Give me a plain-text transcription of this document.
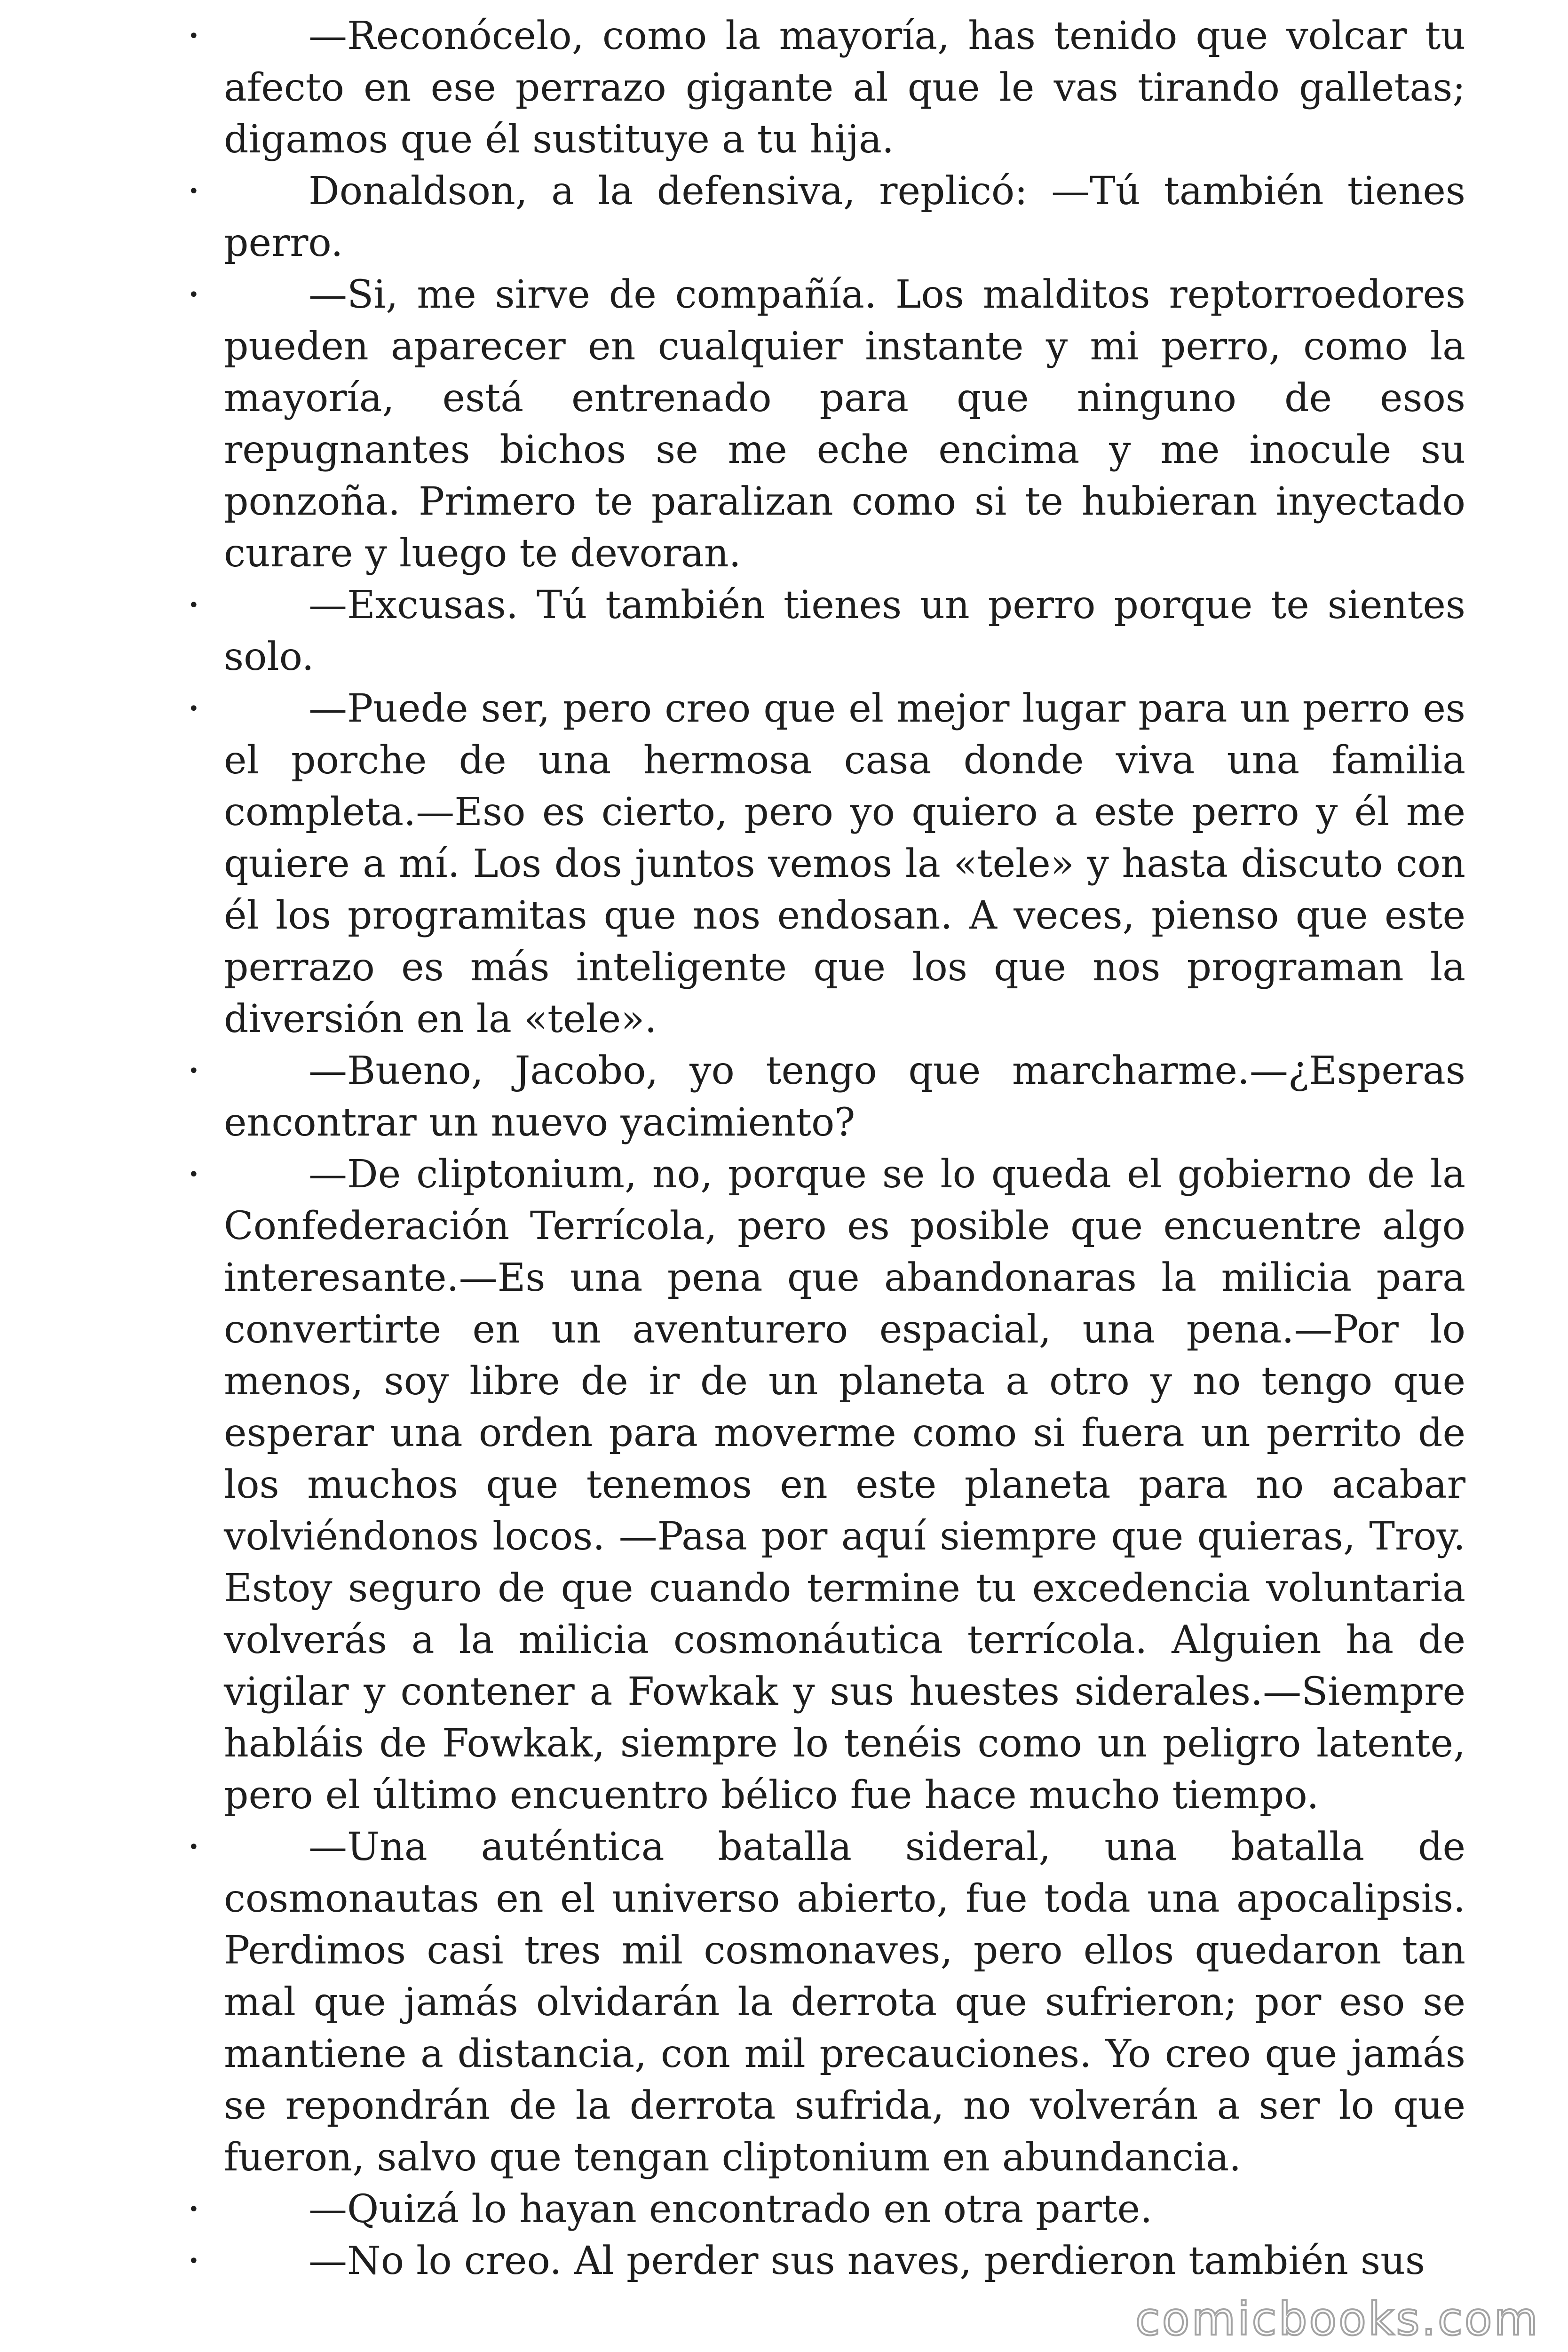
•	—Reconócelo, como la mayoría, has tenido que volcar tu afecto en ese perrazo gigante al que le vas tirando galletas; digamos que él sustituye a tu hija.
•	Donaldson, a la defensiva, replicó: —Tú también tienes perro.
•	—Si, me sirve de compañía. Los malditos reptorroedores pueden aparecer en cualquier instante y mi perro, como la mayoría, está entrenado para que ninguno de esos repugnantes bichos se me eche encima y me inocule su ponzoña. Primero te paralizan como si te hubieran inyectado curare y luego te devoran.
•	—Excusas. Tú también tienes un perro porque te sientes solo.
•	—Puede ser, pero creo que el mejor lugar para un perro es el porche de una hermosa casa donde viva una familia completa.—Eso es cierto, pero yo quiero a este perro y él me quiere a mí. Los dos juntos vemos la «tele» y hasta discuto con él los programitas que nos endosan. A veces, pienso que este perrazo es más inteligente que los que nos programan la diversión en la «tele».
•	—Bueno, Jacobo, yo tengo que marcharme.—¿Esperas encontrar un nuevo yacimiento?
•	—De cliptonium, no, porque se lo queda el gobierno de la Confederación Terrícola, pero es posible que encuentre algo interesante.—Es una pena que abandonaras la milicia para convertirte en un aventurero espacial, una pena.—Por lo menos, soy libre de ir de un planeta a otro y no tengo que esperar una orden para moverme como si fuera un perrito de los muchos que tenemos en este planeta para no acabar volviéndonos locos. —Pasa por aquí siempre que quieras, Troy. Estoy seguro de que cuando termine tu excedencia voluntaria volverás a la milicia cosmonáutica terrícola. Alguien ha de vigilar y contener a Fowkak y sus huestes siderales.—Siempre habláis de Fowkak, siempre lo tenéis como un peligro latente, pero el último encuentro bélico fue hace mucho tiempo.
•	—Una auténtica batalla sideral, una batalla de cosmonautas en el universo abierto, fue toda una apocalipsis. Perdimos casi tres mil cosmonaves, pero ellos quedaron tan mal que jamás olvidarán la derrota que sufrieron; por eso se mantiene a distancia, con mil precauciones. Yo creo que jamás se repondrán de la derrota sufrida, no volverán a ser lo que fueron, salvo que tengan cliptonium en abundancia.
•	—Quizá lo hayan encontrado en otra parte.
•	—No lo creo. Al perder sus naves, perdieron también sus
comicbooks.com
